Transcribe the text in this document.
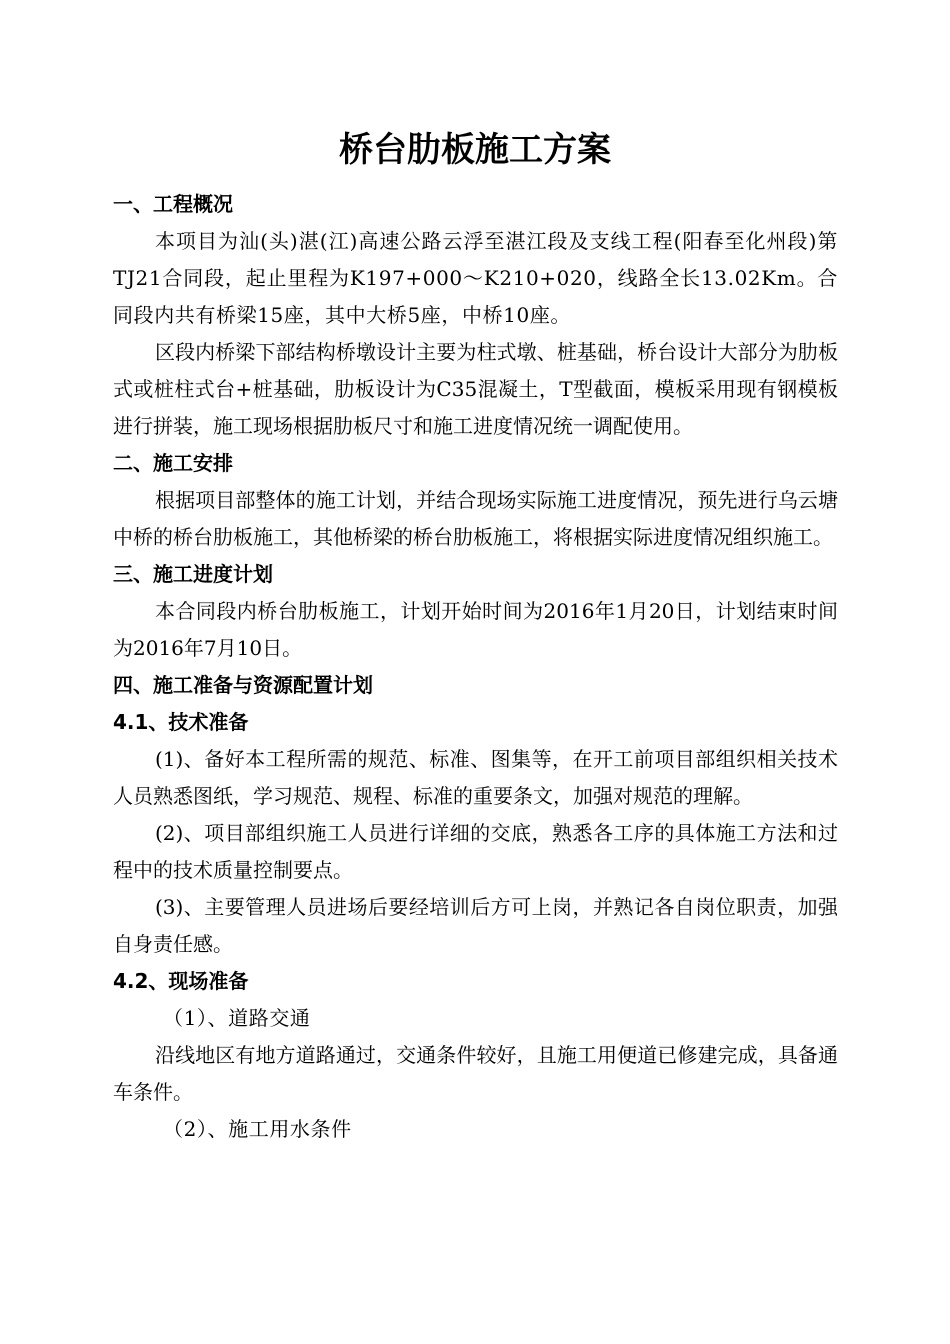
桥台肋板施工方案
一、工程概况

本项目为汕(头)湛(江)高速公路云浮至湛江段及支线工程(阳春至化州段)第TJ21合同段，起止里程为K197+000～K210+020，线路全长13.02Km。合同段内共有桥梁15座，其中大桥5座，中桥10座。

区段内桥梁下部结构桥墩设计主要为柱式墩、桩基础，桥台设计大部分为肋板式或桩柱式台+桩基础，肋板设计为C35混凝土，T型截面，模板采用现有钢模板进行拼装，施工现场根据肋板尺寸和施工进度情况统一调配使用。

二、施工安排

根据项目部整体的施工计划，并结合现场实际施工进度情况，预先进行乌云塘中桥的桥台肋板施工，其他桥梁的桥台肋板施工，将根据实际进度情况组织施工。

三、施工进度计划

本合同段内桥台肋板施工，计划开始时间为2016年1月20日，计划结束时间为2016年7月10日。

四、施工准备与资源配置计划
4.1、技术准备

(1)、备好本工程所需的规范、标准、图集等，在开工前项目部组织相关技术人员熟悉图纸，学习规范、规程、标准的重要条文，加强对规范的理解。

(2)、项目部组织施工人员进行详细的交底，熟悉各工序的具体施工方法和过程中的技术质量控制要点。

(3)、主要管理人员进场后要经培训后方可上岗，并熟记各自岗位职责，加强自身责任感。

4.2、现场准备
（1）、道路交通

沿线地区有地方道路通过，交通条件较好，且施工用便道已修建完成，具备通车条件。

（2）、施工用水条件
